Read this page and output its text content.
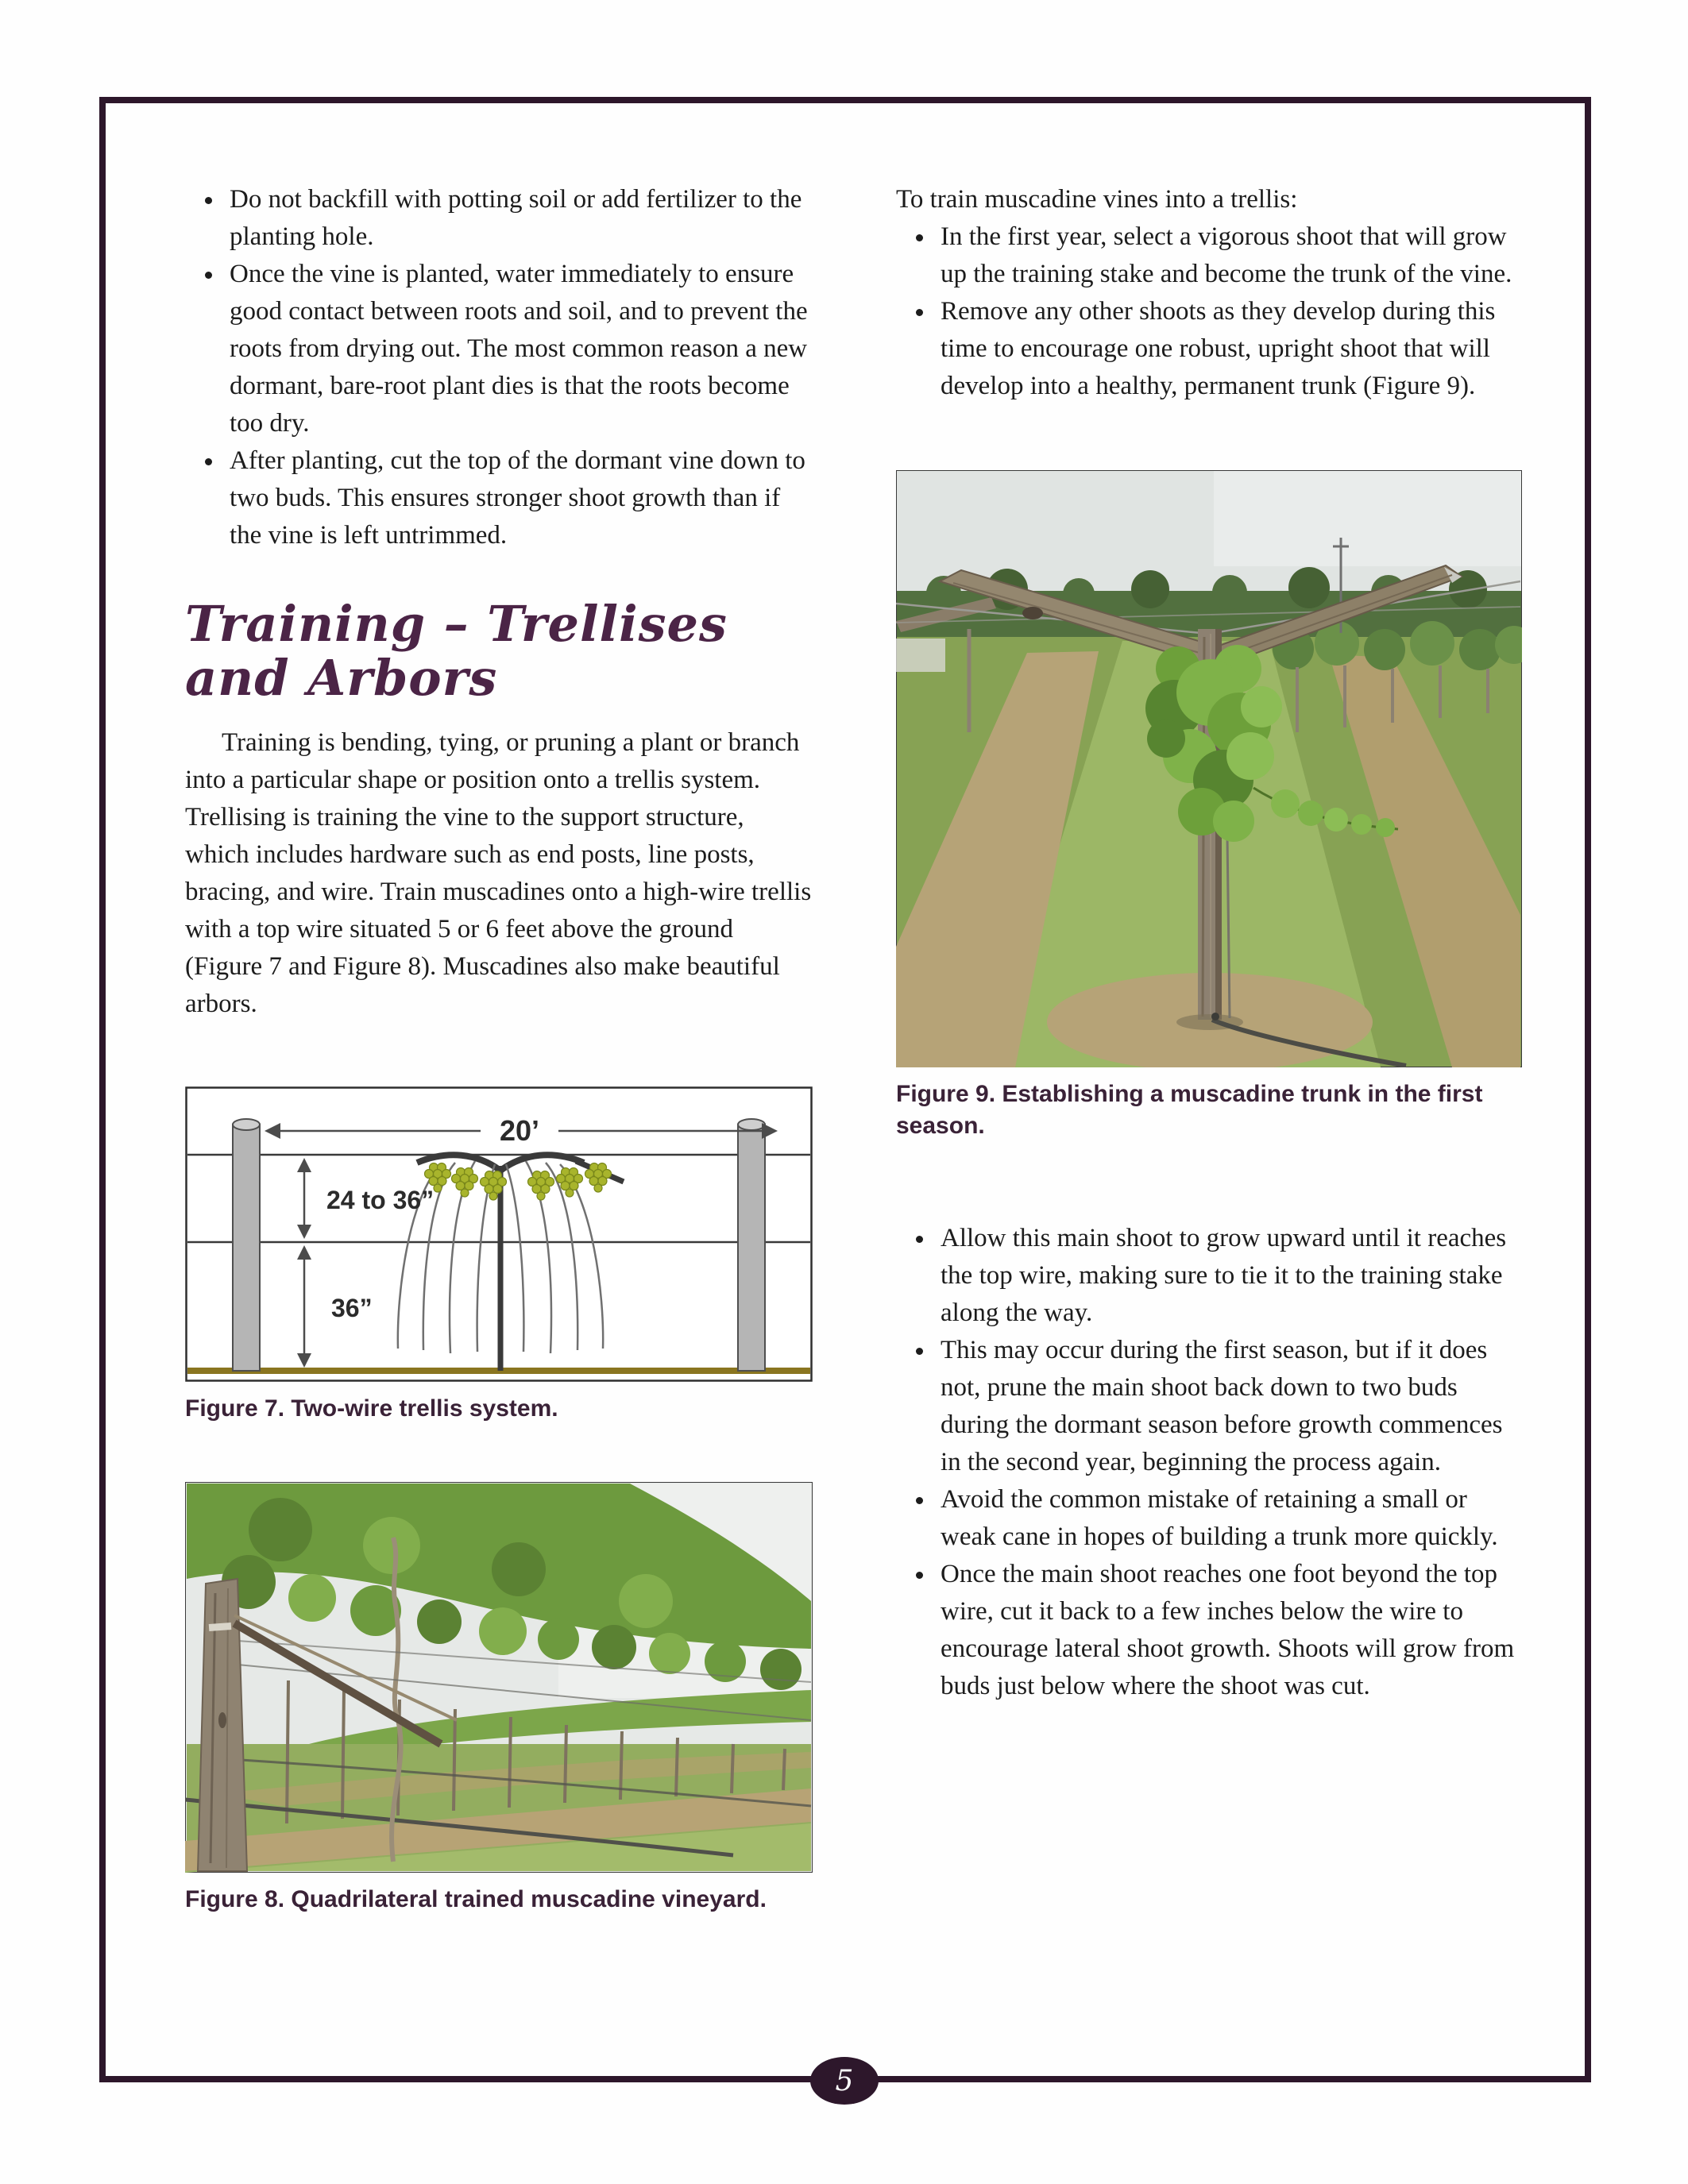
• Do not backfill with potting soil or add fertilizer to the planting hole.
• Once the vine is planted, water immediately to ensure good contact between roots and soil, and to prevent the roots from drying out. The most common reason a new dormant, bare-root plant dies is that the roots become too dry.
• After planting, cut the top of the dormant vine down to two buds. This ensures stronger shoot growth than if the vine is left untrimmed.
Training – Trellises and Arbors

Training is bending, tying, or pruning a plant or branch into a particular shape or position onto a trellis system. Trellising is training the vine to the support structure, which includes hardware such as end posts, line posts, bracing, and wire. Train muscadines onto a high-wire trellis with a top wire situated 5 or 6 feet above the ground (Figure 7 and Figure 8). Muscadines also make beautiful arbors.

20’
24 to 36”
36”
Figure 7. Two-wire trellis system.
Figure 8. Quadrilateral trained muscadine vineyard.

To train muscadine vines into a trellis:

• In the first year, select a vigorous shoot that will grow up the training stake and become the trunk of the vine.
• Remove any other shoots as they develop during this time to encourage one robust, upright shoot that will develop into a healthy, permanent trunk (Figure 9).
Figure 9. Establishing a muscadine trunk in the first season.
• Allow this main shoot to grow upward until it reaches the top wire, making sure to tie it to the training stake along the way.
• This may occur during the first season, but if it does not, prune the main shoot back down to two buds during the dormant season before growth commences in the second year, beginning the process again.
• Avoid the common mistake of retaining a small or weak cane in hopes of building a trunk more quickly.
• Once the main shoot reaches one foot beyond the top wire, cut it back to a few inches below the wire to encourage lateral shoot growth. Shoots will grow from buds just below where the shoot was cut.
5
